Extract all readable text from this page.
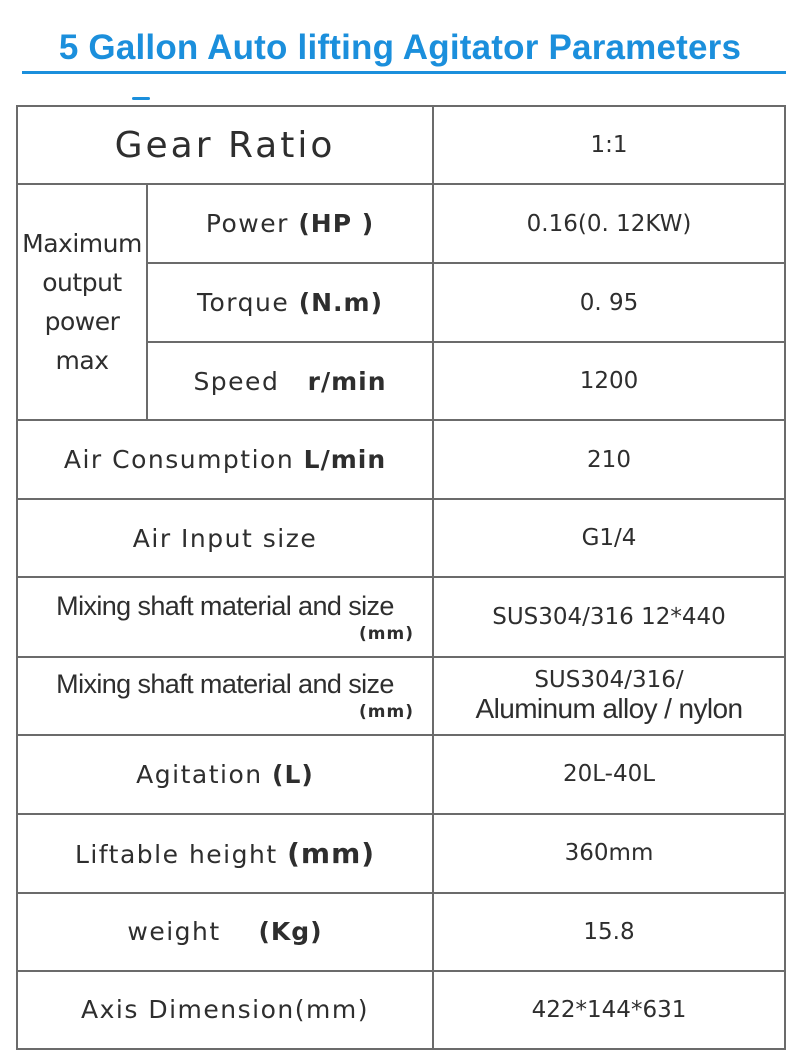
5 Gallon Auto lifting Agitator Parameters
Gear Ratio		1:1

Maximum
output
power
max	Power (HP )	0.16(0. 12KW)
	Torque (N.m)	0. 95
	Speed r/min	1200
Air Consumption L/min		210
Air Input size		G1/4

Mixing shaft material and size
(mm)		SUS304/316 12*440

Mixing shaft material and size
(mm)		SUS304/316/
Aluminum alloy / nylon

Agitation (L)		20L-40L
Liftable height (mm)		360mm
weight (Kg)		15.8
Axis Dimension(mm)		422*144*631
